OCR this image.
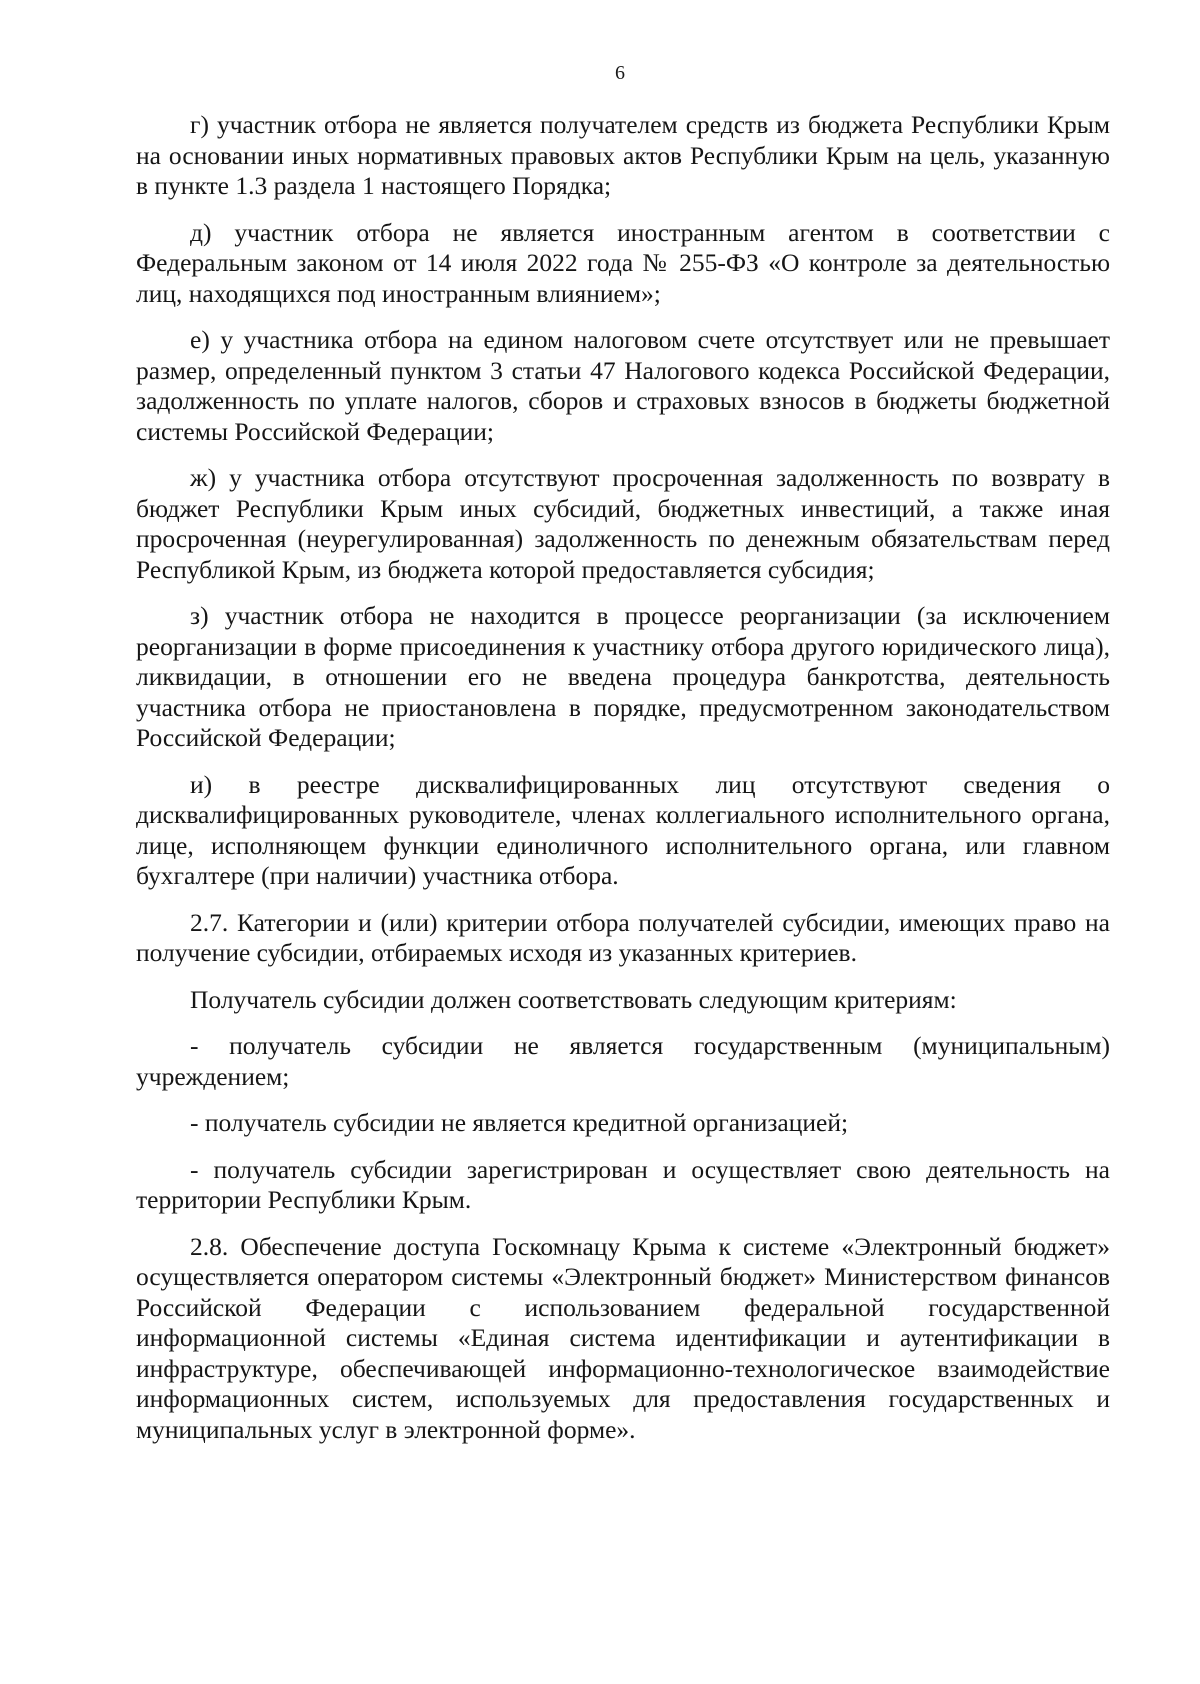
6

г) участник отбора не является получателем средств из бюджета Республики Крым на основании иных нормативных правовых актов Республики Крым на цель, указанную в пункте 1.3 раздела 1 настоящего Порядка;

д) участник отбора не является иностранным агентом в соответствии с Федеральным законом от 14 июля 2022 года № 255-ФЗ «О контроле за деятельностью лиц, находящихся под иностранным влиянием»;

е) у участника отбора на едином налоговом счете отсутствует или не превышает размер, определенный пунктом 3 статьи 47 Налогового кодекса Российской Федерации, задолженность по уплате налогов, сборов и страховых взносов в бюджеты бюджетной системы Российской Федерации;

ж) у участника отбора отсутствуют просроченная задолженность по возврату в бюджет Республики Крым иных субсидий, бюджетных инвестиций, а также иная просроченная (неурегулированная) задолженность по денежным обязательствам перед Республикой Крым, из бюджета которой предоставляется субсидия;

з) участник отбора не находится в процессе реорганизации (за исключением реорганизации в форме присоединения к участнику отбора другого юридического лица), ликвидации, в отношении его не введена процедура банкротства, деятельность участника отбора не приостановлена в порядке, предусмотренном законодательством Российской Федерации;

и) в реестре дисквалифицированных лиц отсутствуют сведения о дисквалифицированных руководителе, членах коллегиального исполнительного органа, лице, исполняющем функции единоличного исполнительного органа, или главном бухгалтере (при наличии) участника отбора.

2.7. Категории и (или) критерии отбора получателей субсидии, имеющих право на получение субсидии, отбираемых исходя из указанных критериев.

Получатель субсидии должен соответствовать следующим критериям:

- получатель субсидии не является государственным (муниципальным) учреждением;

- получатель субсидии не является кредитной организацией;

- получатель субсидии зарегистрирован и осуществляет свою деятельность на территории Республики Крым.

2.8. Обеспечение доступа Госкомнацу Крыма к системе «Электронный бюджет» осуществляется оператором системы «Электронный бюджет» Министерством финансов Российской Федерации с использованием федеральной государственной информационной системы «Единая система идентификации и аутентификации в инфраструктуре, обеспечивающей информационно-технологическое взаимодействие информационных систем, используемых для предоставления государственных и муниципальных услуг в электронной форме».
